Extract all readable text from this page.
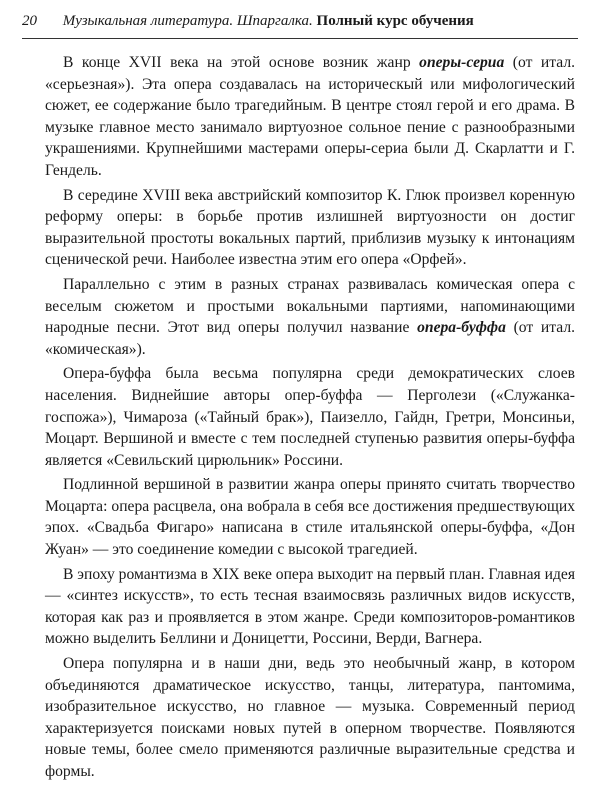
20 Музыкальная литература. Шпаргалка. Полный курс обучения

В конце XVII века на этой основе возник жанр оперы-сериа (от итал. «серьезная»). Эта опера создавалась на историческый или мифологический сюжет, ее содержание было трагедийным. В центре стоял герой и его драма. В музыке главное место занимало виртуозное сольное пение с разнообразными украшениями. Крупнейшими мастерами оперы-сериа были Д. Скарлатти и Г. Гендель.

В середине XVIII века австрийский композитор К. Глюк произвел коренную реформу оперы: в борьбе против излишней виртуозности он достиг выразительной простоты вокальных партий, приблизив музыку к интонациям сценической речи. Наиболее известна этим его опера «Орфей».

Параллельно с этим в разных странах развивалась комическая опера с веселым сюжетом и простыми вокальными партиями, напоминающими народные песни. Этот вид оперы получил название опера-буффа (от итал. «комическая»).

Опера-буффа была весьма популярна среди демократических слоев населения. Виднейшие авторы опер-буффа — Перголези («Служанка-госпожа»), Чимароза («Тайный брак»), Паизелло, Гайдн, Гретри, Монсиньи, Моцарт. Вершиной и вместе с тем последней ступенью развития оперы-буффа является «Севильский цирюльник» Россини.

Подлинной вершиной в развитии жанра оперы принято считать творчество Моцарта: опера расцвела, она вобрала в себя все достижения предшествующих эпох. «Свадьба Фигаро» написана в стиле итальянской оперы-буффа, «Дон Жуан» — это соединение комедии с высокой трагедией.

В эпоху романтизма в XIX веке опера выходит на первый план. Главная идея — «синтез искусств», то есть тесная взаимосвязь различных видов искусств, которая как раз и проявляется в этом жанре. Среди композиторов-романтиков можно выделить Беллини и Доницетти, Россини, Верди, Вагнера.

Опера популярна и в наши дни, ведь это необычный жанр, в котором объединяются драматическое искусство, танцы, литература, пантомима, изобразительное искусство, но главное — музыка. Современный период характеризуется поисками новых путей в оперном творчестве. Появляются новые темы, более смело применяются различные выразительные средства и формы.
